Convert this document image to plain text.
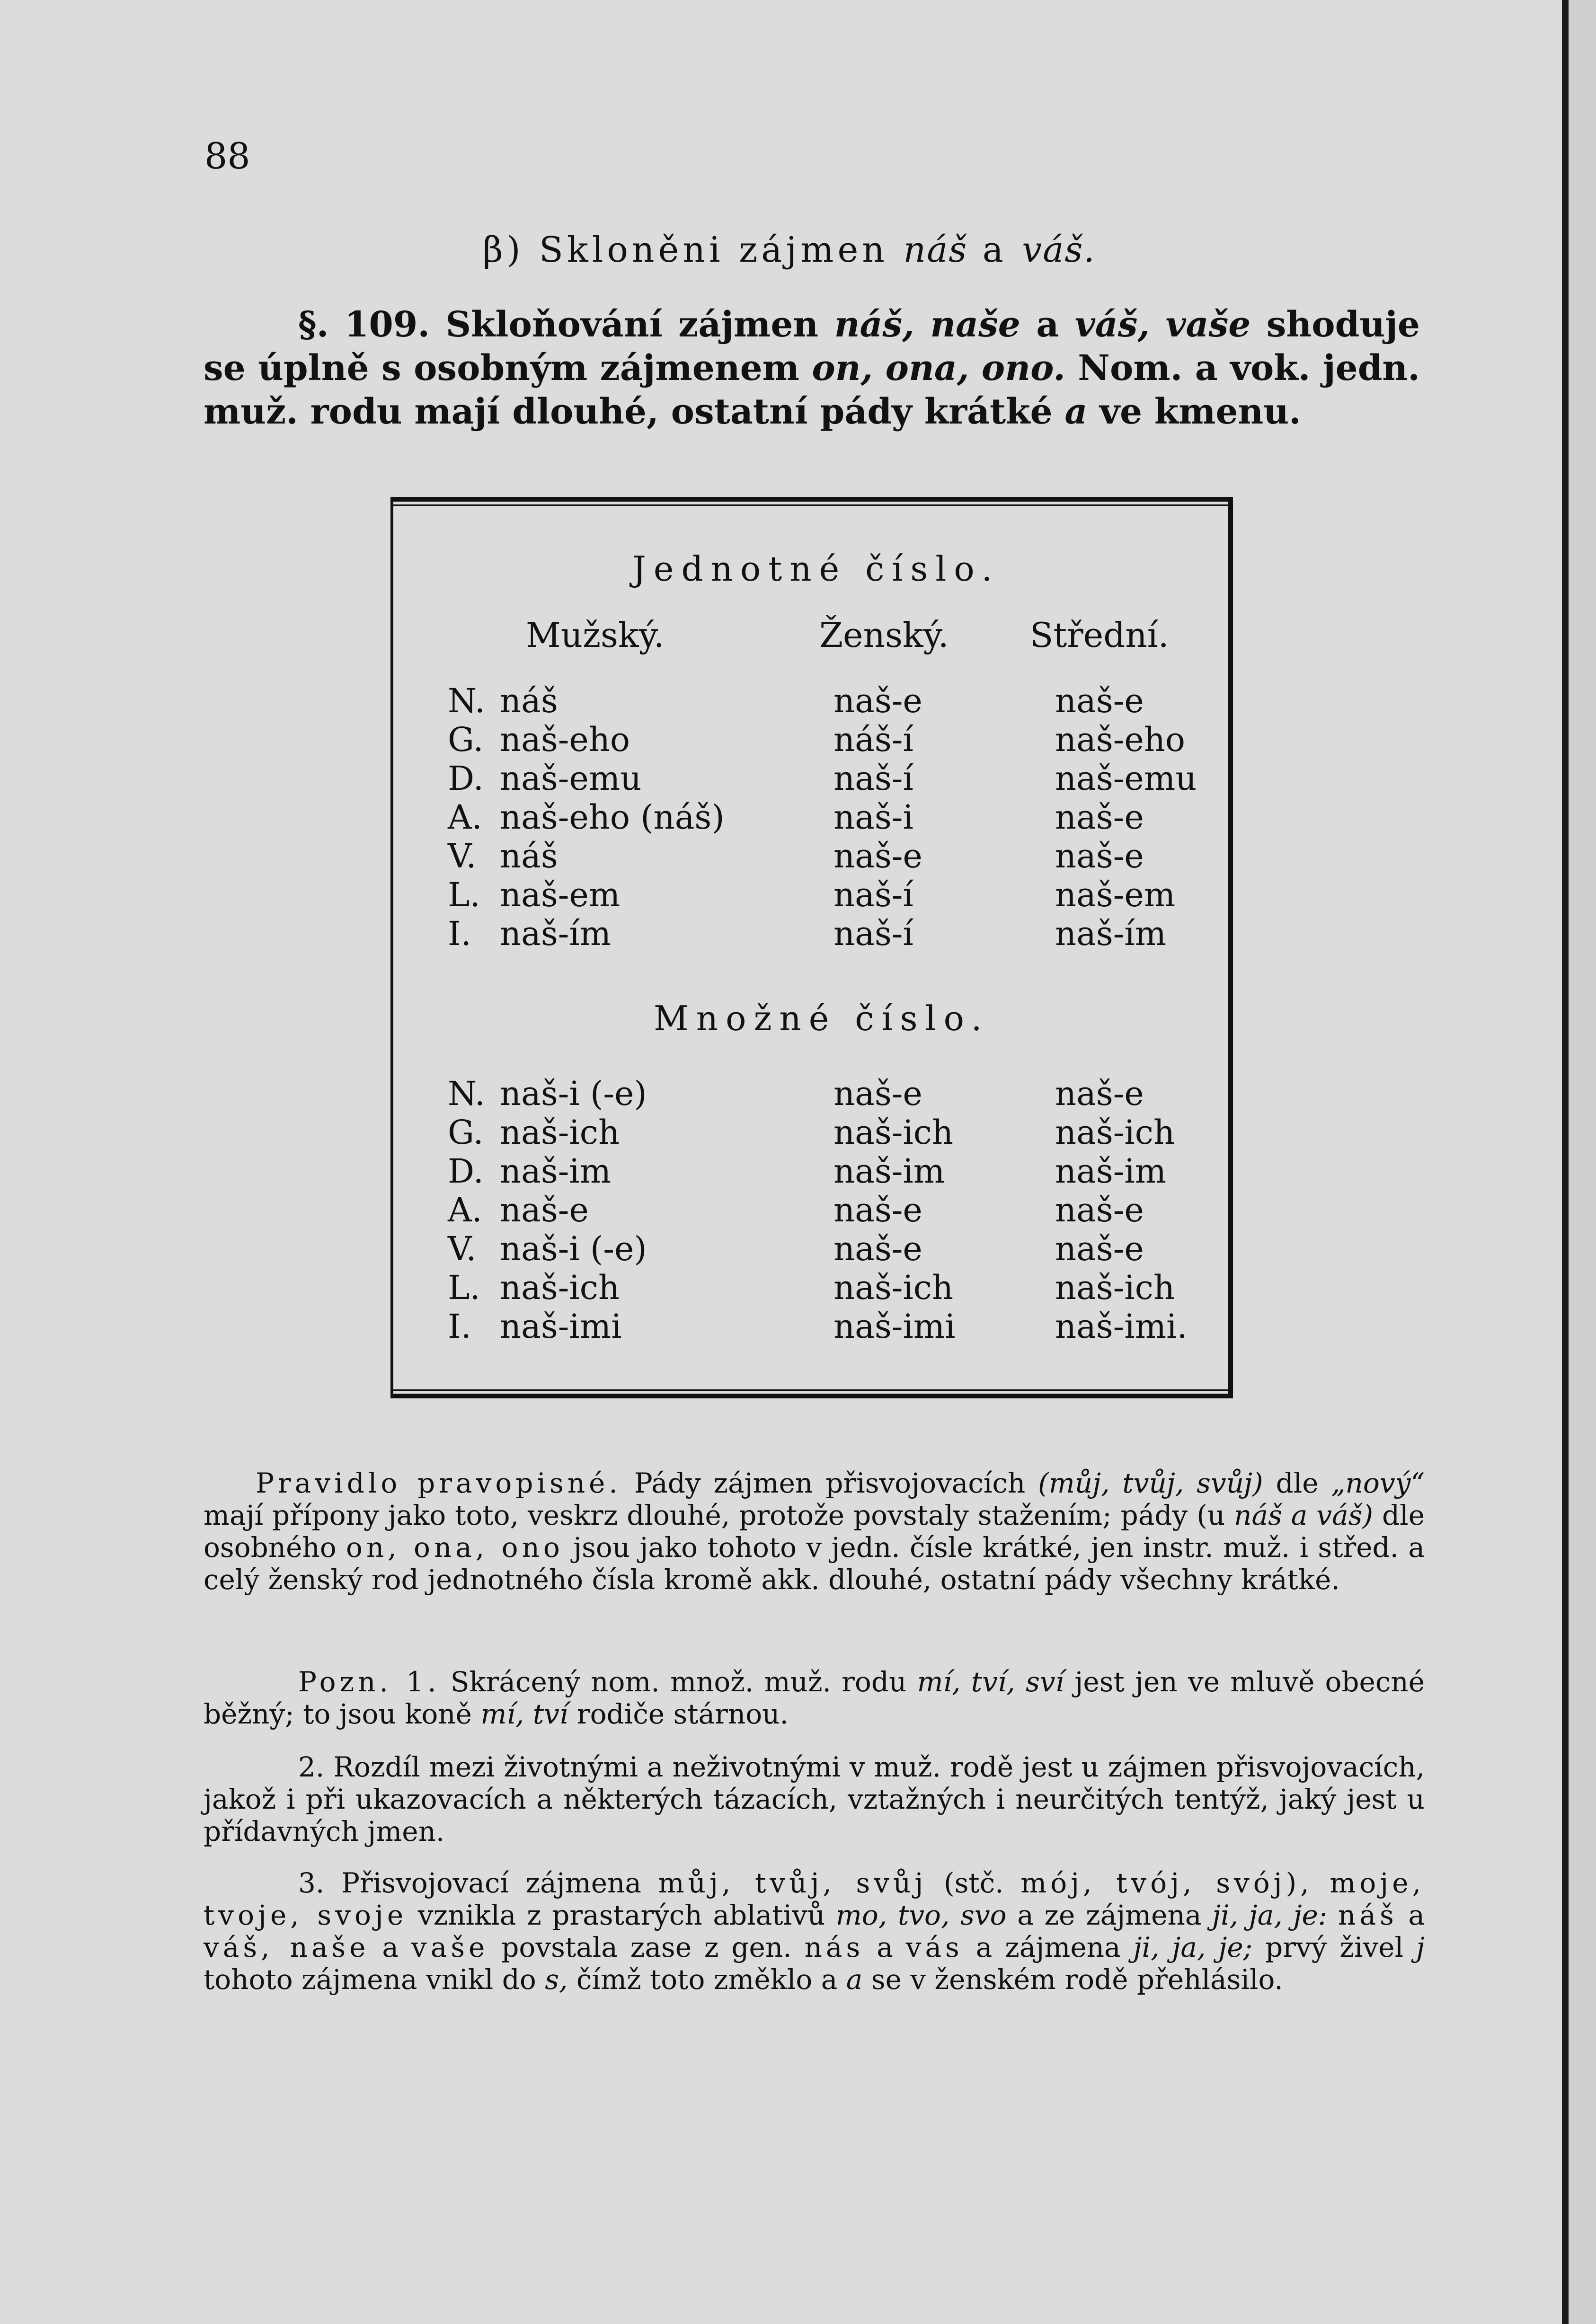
88
β) Skloněni zájmen náš a váš.

§. 109. Skloňování zájmen náš, naše a váš, vaše shoduje se úplně s osobným zájmenem on, ona, ono. Nom. a vok. jedn. muž. rodu mají dlouhé, ostatní pády krátké a ve kmenu.

Jednotné číslo.
Mužský.	Ženský. Střední.
N. náš	naš-e	naš-e
G. naš-eho	náš-í	naš-eho
D. naš-emu	naš-í	naš-emu
A. naš-eho (náš)	naš-i	naš-e
V. náš	naš-e	naš-e
L. naš-em	naš-í	naš-em
I. naš-ím	naš-í	naš-ím
Množné číslo.
N. naš-i (-e)	naš-e	naš-e
G. naš-ich	naš-ich	naš-ich
D. naš-im	naš-im	naš-im
A. naš-e	naš-e	naš-e
V. naš-i (-e)	naš-e	naš-e
L. naš-ich	naš-ich	naš-ich
I. naš-imi	naš-imi	naš-imi.

Pravidlo pravopisné. Pády zájmen přisvojovacích (můj, tvůj, svůj) dle „nový“ mají přípony jako toto, veskrz dlouhé, protože povstaly stažením; pády (u náš a váš) dle osobného on, ona, ono jsou jako tohoto v jedn. čísle krátké, jen instr. muž. i střed. a celý ženský rod jednotného čísla kromě akk. dlouhé, ostatní pády všechny krátké.

Pozn. 1. Skrácený nom. množ. muž. rodu mí, tví, sví jest jen ve mluvě obecné běžný; to jsou koně mí, tví rodiče stárnou.

2. Rozdíl mezi životnými a neživotnými v muž. rodě jest u zájmen přisvojovacích, jakož i při ukazovacích a některých tázacích, vztažných i neurčitých tentýž, jaký jest u přídavných jmen.

3. Přisvojovací zájmena můj, tvůj, svůj (stč. mój, tvój, svój), moje, tvoje, svoje vznikla z prastarých ablativů mo, tvo, svo a ze zájmena ji, ja, je: náš a váš, naše a vaše povstala zase z gen. nás a vás a zájmena ji, ja, je; prvý živel j tohoto zájmena vnikl do s, čímž toto změklo a a se v ženském rodě přehlásilo.
